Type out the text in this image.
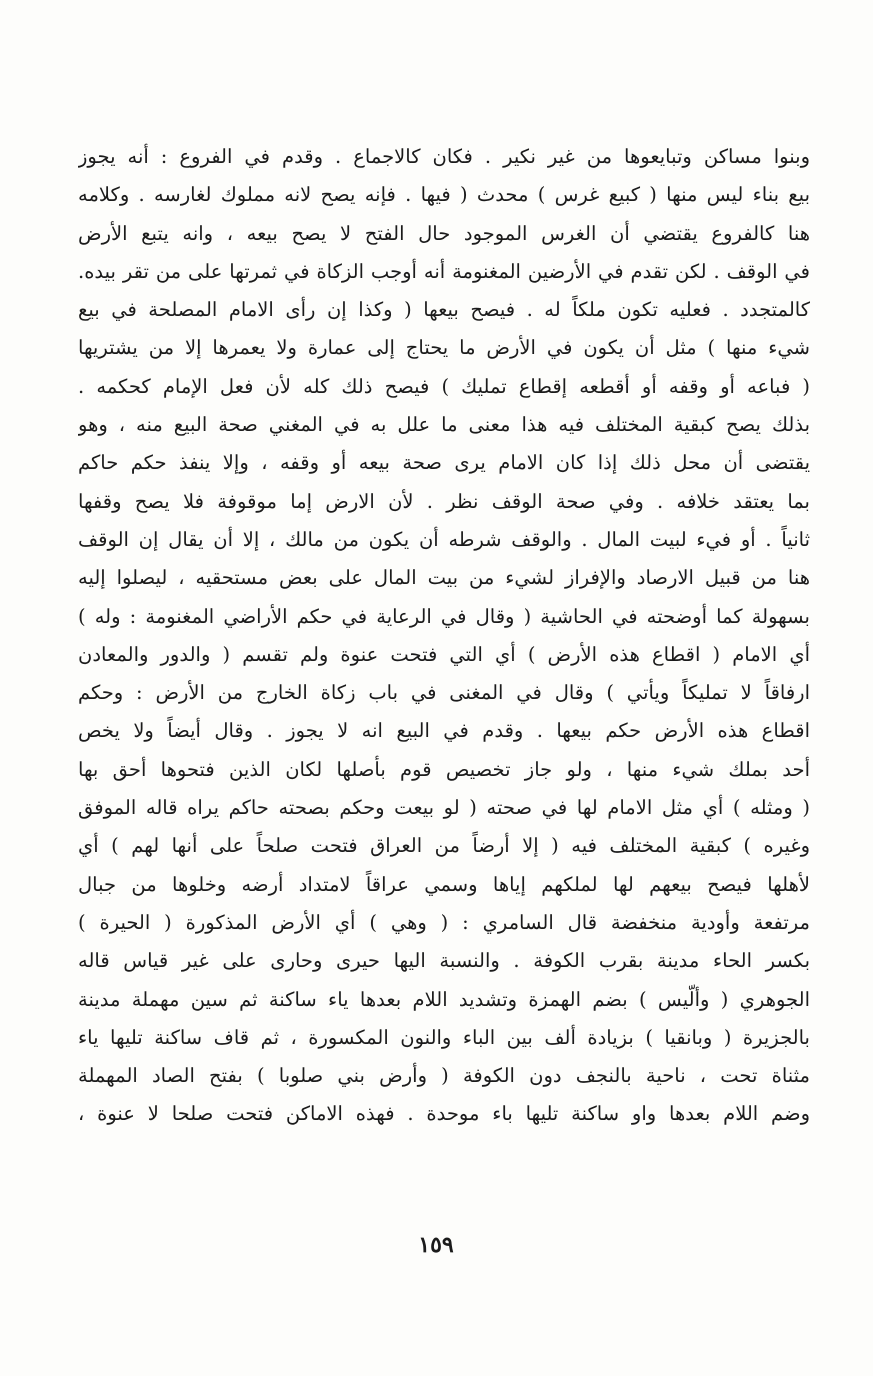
وبنوا مساكن وتبايعوها من غير نكير . فكان كالاجماع . وقدم في الفروع : أنه يجوز
بيع بناء ليس منها ( كبيع غرس ) محدث ( فيها . فإنه يصح لانه مملوك لغارسه . وكلامه
هنا كالفروع يقتضي أن الغرس الموجود حال الفتح لا يصح بيعه ، وانه يتبع الأرض
في الوقف . لكن تقدم في الأرضين المغنومة أنه أوجب الزكاة في ثمرتها على من تقر بيده.
كالمتجدد . فعليه تكون ملكاً له . فيصح بيعها ( وكذا إن رأى الامام المصلحة في بيع
شيء منها ) مثل أن يكون في الأرض ما يحتاج إلى عمارة ولا يعمرها إلا من يشتريها
( فباعه أو وقفه أو أقطعه إقطاع تمليك ) فيصح ذلك كله لأن فعل الإمام كحكمه .
بذلك يصح كبقية المختلف فيه هذا معنى ما علل به في المغني صحة البيع منه ، وهو
يقتضى أن محل ذلك إذا كان الامام يرى صحة بيعه أو وقفه ، وإلا ينفذ حكم حاكم
بما يعتقد خلافه . وفي صحة الوقف نظر . لأن الارض إما موقوفة فلا يصح وقفها
ثانياً . أو فيء لبيت المال . والوقف شرطه أن يكون من مالك ، إلا أن يقال إن الوقف
هنا من قبيل الارصاد والإفراز لشيء من بيت المال على بعض مستحقيه ، ليصلوا إليه
بسهولة كما أوضحته في الحاشية ( وقال في الرعاية في حكم الأراضي المغنومة : وله )
أي الامام ( اقطاع هذه الأرض ) أي التي فتحت عنوة ولم تقسم ( والدور والمعادن
ارفاقاً لا تمليكاً ويأتي ) وقال في المغنى في باب زكاة الخارج من الأرض : وحكم
اقطاع هذه الأرض حكم بيعها . وقدم في البيع انه لا يجوز . وقال أيضاً ولا يخص
أحد بملك شيء منها ، ولو جاز تخصيص قوم بأصلها لكان الذين فتحوها أحق بها
( ومثله ) أي مثل الامام لها في صحته ( لو بيعت وحكم بصحته حاكم يراه قاله الموفق
وغيره ) كبقية المختلف فيه ( إلا أرضاً من العراق فتحت صلحاً على أنها لهم ) أي
لأهلها فيصح بيعهم لها لملكهم إياها وسمي عراقاً لامتداد أرضه وخلوها من جبال
مرتفعة وأودية منخفضة قال السامري : ( وهي ) أي الأرض المذكورة ( الحيرة )
بكسر الحاء مدينة بقرب الكوفة . والنسبة اليها حيرى وحارى على غير قياس قاله
الجوهري ( وألّيس ) بضم الهمزة وتشديد اللام بعدها ياء ساكنة ثم سين مهملة مدينة
بالجزيرة ( وبانقيا ) بزيادة ألف بين الباء والنون المكسورة ، ثم قاف ساكنة تليها ياء
مثناة تحت ، ناحية بالنجف دون الكوفة ( وأرض بني صلوبا ) بفتح الصاد المهملة
وضم اللام بعدها واو ساكنة تليها باء موحدة . فهذه الاماكن فتحت صلحا لا عنوة ،
١٥٩
